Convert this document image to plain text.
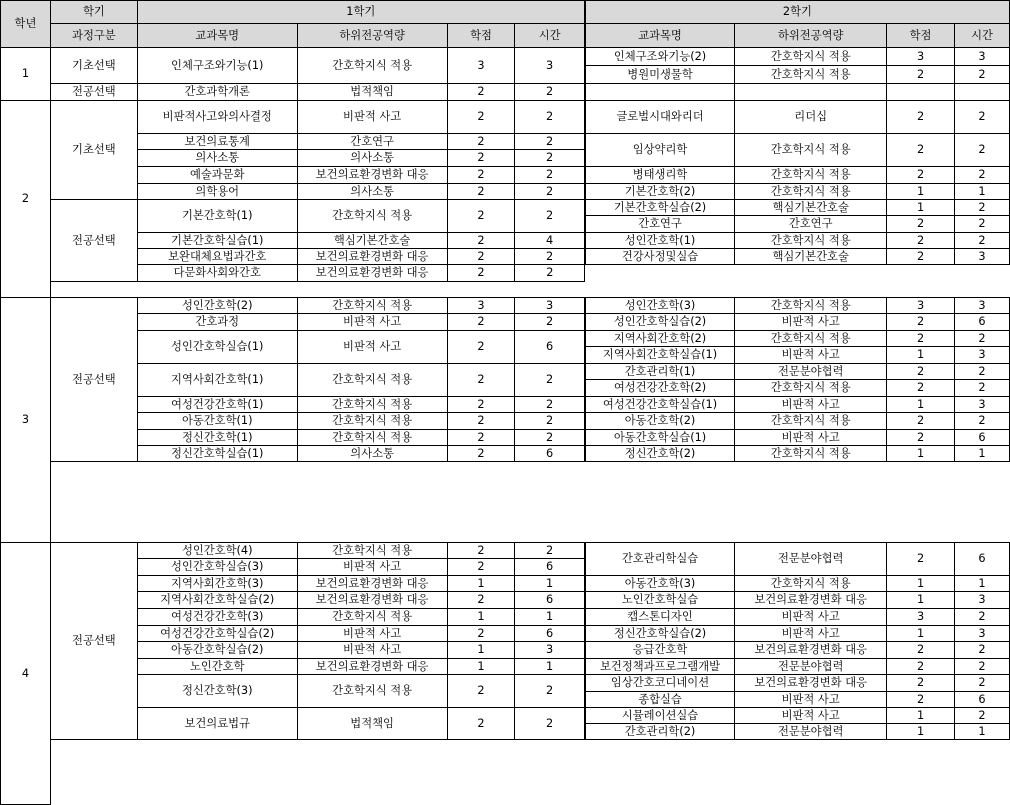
학년	학기	1학기				2학기			
	과정구분	교과목명	하위전공역량	학점	시간	교과목명	하위전공역량	학점	시간
1	기초선택	인체구조와기능(1)	간호학지식 적용	3	3	인체구조와기능(2)	간호학지식 적용	3	3
						병원미생물학	간호학지식 적용	2	2
	전공선택	간호과학개론	법적책임	2	2				
2	기초선택	비판적사고와의사결정	비판적 사고	2	2	글로벌시대와리더	리더십	2	2

		보건의료통계	간호연구	2	2	임상약리학	간호학지식 적용	2	2
		의사소통	의사소통	2	2				
		예술과문화	보건의료환경변화 대응	2	2	병태생리학	간호학지식 적용	2	2
		의학용어	의사소통	2	2	기본간호학(2)	간호학지식 적용	1	1
	전공선택	기본간호학(1)	간호학지식 적용	2	2	기본간호학실습(2)	핵심기본간호술	1	2
						간호연구	간호연구	2	2
		기본간호학실습(1)	핵심기본간호술	2	4	성인간호학(1)	간호학지식 적용	2	2
		보완대체요법과간호	보건의료환경변화 대응	2	2	건강사정및실습	핵심기본간호술	2	3
		다문화사회와간호	보건의료환경변화 대응	2	2				

3	전공선택	성인간호학(2)	간호학지식 적용	3	3	성인간호학(3)	간호학지식 적용	3	3
		간호과정	비판적 사고	2	2	성인간호학실습(2)	비판적 사고	2	6
		성인간호학실습(1)	비판적 사고	2	6	지역사회간호학(2)	간호학지식 적용	2	2
						지역사회간호학실습(1)	비판적 사고	1	3
		지역사회간호학(1)	간호학지식 적용	2	2	간호관리학(1)	전문분야협력	2	2
						여성건강간호학(2)	간호학지식 적용	2	2
		여성건강간호학(1)	간호학지식 적용	2	2	여성건강간호학실습(1)	비판적 사고	1	3
		아동간호학(1)	간호학지식 적용	2	2	아동간호학(2)	간호학지식 적용	2	2
		정신간호학(1)	간호학지식 적용	2	2	아동간호학실습(1)	비판적 사고	2	6
		정신간호학실습(1)	의사소통	2	6	정신간호학(2)	간호학지식 적용	1	1

4	전공선택	성인간호학(4)	간호학지식 적용	2	2	간호관리학실습	전문분야협력	2	6
		성인간호학실습(3)	비판적 사고	2	6				
		지역사회간호학(3)	보건의료환경변화 대응	1	1	아동간호학(3)	간호학지식 적용	1	1
		지역사회간호학실습(2)	보건의료환경변화 대응	2	6	노인간호학실습	보건의료환경변화 대응	1	3
		여성건강간호학(3)	간호학지식 적용	1	1	캡스톤디자인	비판적 사고	3	2
		여성건강간호학실습(2)	비판적 사고	2	6	정신간호학실습(2)	비판적 사고	1	3
		아동간호학실습(2)	비판적 사고	1	3	응급간호학	보건의료환경변화 대응	2	2
		노인간호학	보건의료환경변화 대응	1	1	보건정책과프로그램개발	전문분야협력	2	2
		정신간호학(3)	간호학지식 적용	2	2	임상간호코디네이션	보건의료환경변화 대응	2	2
						종합실습	비판적 사고	2	6
		보건의료법규	법적책임	2	2	시뮬레이션실습	비판적 사고	1	2
						간호관리학(2)	전문분야협력	1	1
